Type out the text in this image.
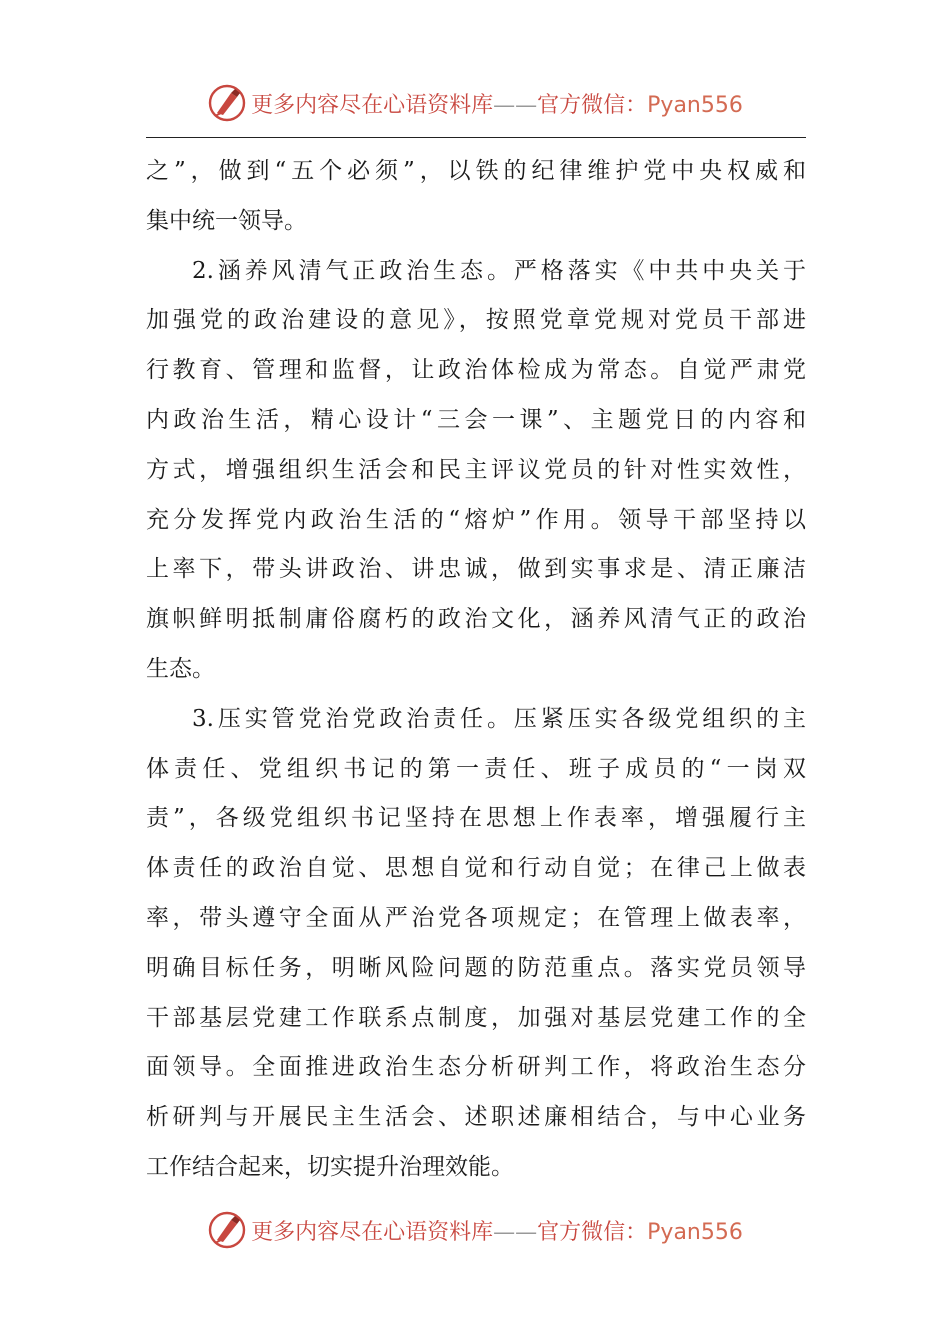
更多内容尽在心语资料库——官方微信：Pyan556
之”，做到“五个必须”，以铁的纪律维护党中央权威和
集中统一领导。
2.涵养风清气正政治生态。严格落实《中共中央关于
加强党的政治建设的意见》，按照党章党规对党员干部进
行教育、管理和监督，让政治体检成为常态。自觉严肃党
内政治生活，精心设计“三会一课”、主题党日的内容和
方式，增强组织生活会和民主评议党员的针对性实效性，
充分发挥党内政治生活的“熔炉”作用。领导干部坚持以
上率下，带头讲政治、讲忠诚，做到实事求是、清正廉洁
旗帜鲜明抵制庸俗腐朽的政治文化，涵养风清气正的政治
生态。
3.压实管党治党政治责任。压紧压实各级党组织的主
体责任、党组织书记的第一责任、班子成员的“一岗双
责”，各级党组织书记坚持在思想上作表率，增强履行主
体责任的政治自觉、思想自觉和行动自觉；在律己上做表
率，带头遵守全面从严治党各项规定；在管理上做表率，
明确目标任务，明晰风险问题的防范重点。落实党员领导
干部基层党建工作联系点制度，加强对基层党建工作的全
面领导。全面推进政治生态分析研判工作，将政治生态分
析研判与开展民主生活会、述职述廉相结合，与中心业务
工作结合起来，切实提升治理效能。
更多内容尽在心语资料库——官方微信：Pyan556
